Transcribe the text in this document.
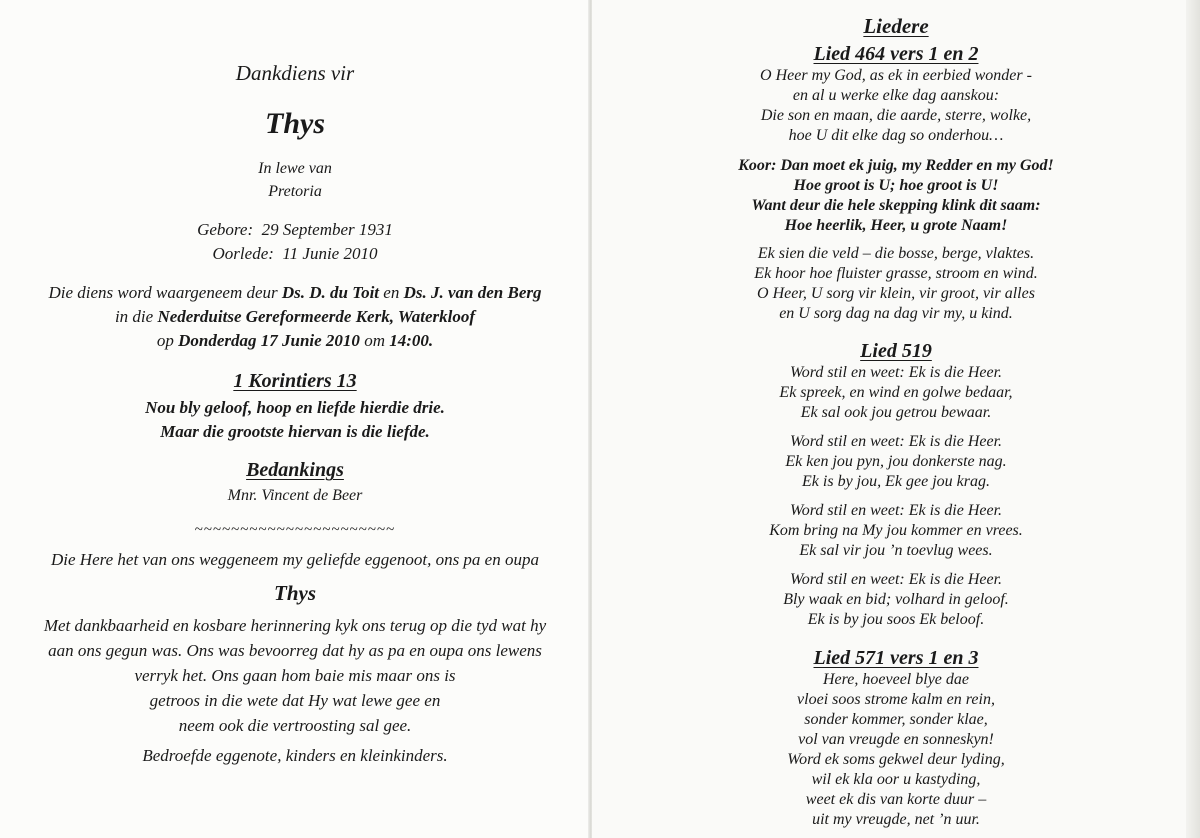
Dankdiens vir

Thys

In lewe van

Pretoria

Gebore: 29 September 1931

Oorlede: 11 Junie 2010

Die diens word waargeneem deur Ds. D. du Toit en Ds. J. van den Berg

in die Nederduitse Gereformeerde Kerk, Waterkloof

op Donderdag 17 Junie 2010 om 14:00.

1 Korintiers 13

Nou bly geloof, hoop en liefde hierdie drie.

Maar die grootste hiervan is die liefde.

Bedankings

Mnr. Vincent de Beer

~~~~~~~~~~~~~~~~~~~~~~

Die Here het van ons weggeneem my geliefde eggenoot, ons pa en oupa

Thys

Met dankbaarheid en kosbare herinnering kyk ons terug op die tyd wat hy

aan ons gegun was. Ons was bevoorreg dat hy as pa en oupa ons lewens

verryk het. Ons gaan hom baie mis maar ons is

getroos in die wete dat Hy wat lewe gee en

neem ook die vertroosting sal gee.

Bedroefde eggenote, kinders en kleinkinders.

Liedere

Lied 464 vers 1 en 2

O Heer my God, as ek in eerbied wonder -

en al u werke elke dag aanskou:

Die son en maan, die aarde, sterre, wolke,

hoe U dit elke dag so onderhou…

Koor: Dan moet ek juig, my Redder en my God!

Hoe groot is U; hoe groot is U!

Want deur die hele skepping klink dit saam:

Hoe heerlik, Heer, u grote Naam!

Ek sien die veld – die bosse, berge, vlaktes.

Ek hoor hoe fluister grasse, stroom en wind.

O Heer, U sorg vir klein, vir groot, vir alles

en U sorg dag na dag vir my, u kind.

Lied 519

Word stil en weet: Ek is die Heer.

Ek spreek, en wind en golwe bedaar,

Ek sal ook jou getrou bewaar.

Word stil en weet: Ek is die Heer.

Ek ken jou pyn, jou donkerste nag.

Ek is by jou, Ek gee jou krag.

Word stil en weet: Ek is die Heer.

Kom bring na My jou kommer en vrees.

Ek sal vir jou ’n toevlug wees.

Word stil en weet: Ek is die Heer.

Bly waak en bid; volhard in geloof.

Ek is by jou soos Ek beloof.

Lied 571 vers 1 en 3

Here, hoeveel blye dae

vloei soos strome kalm en rein,

sonder kommer, sonder klae,

vol van vreugde en sonneskyn!

Word ek soms gekwel deur lyding,

wil ek kla oor u kastyding,

weet ek dis van korte duur –

uit my vreugde, net ’n uur.
